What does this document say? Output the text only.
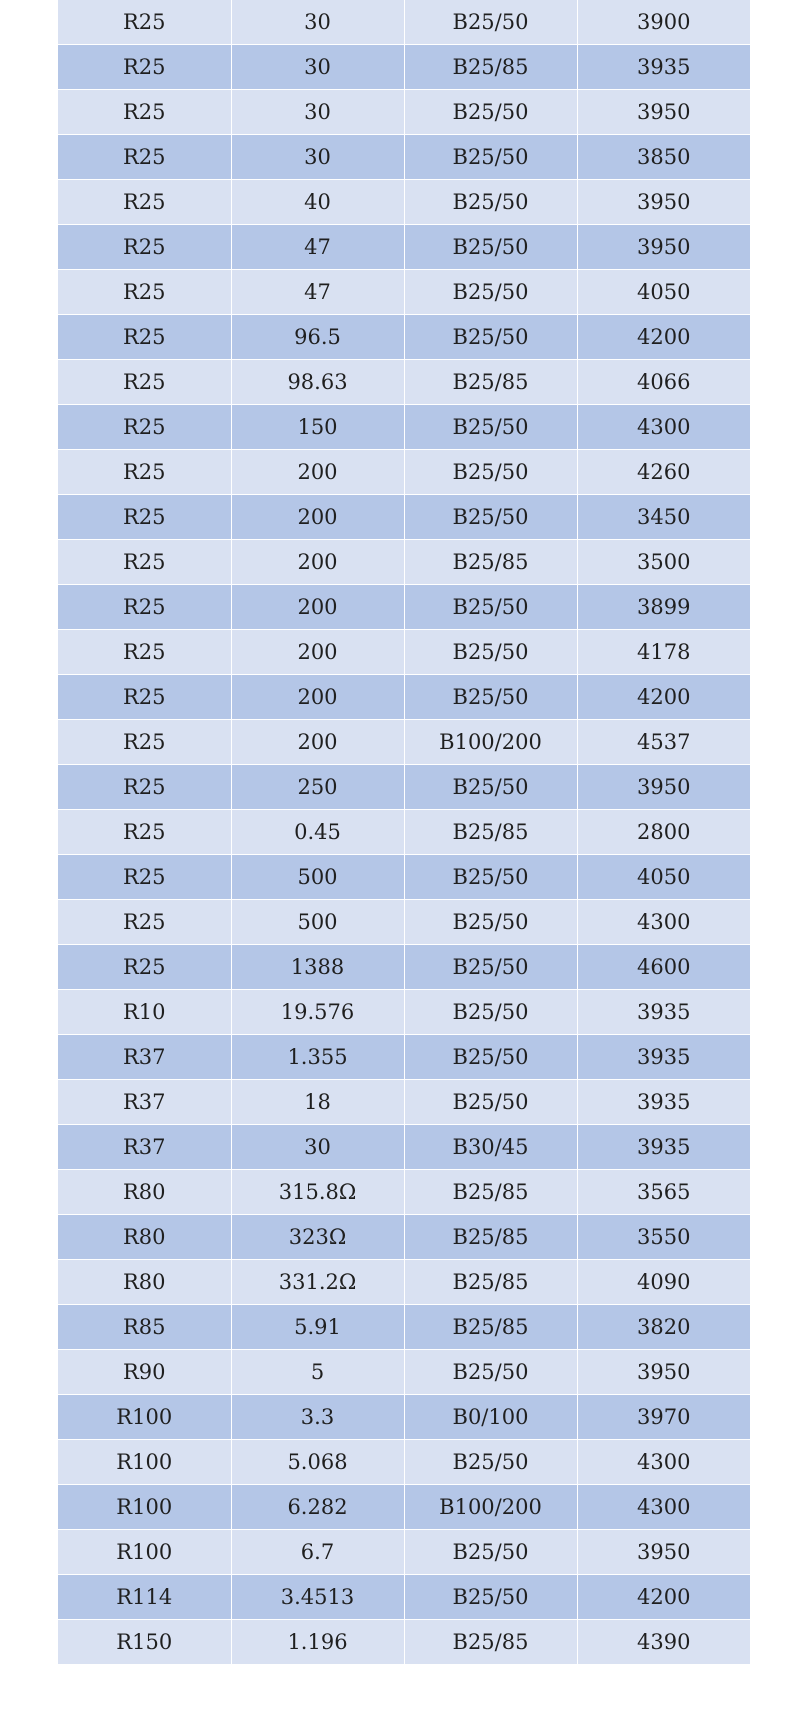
R25	30	B25/50	3900
R25	30	B25/85	3935
R25	30	B25/50	3950
R25	30	B25/50	3850
R25	40	B25/50	3950
R25	47	B25/50	3950
R25	47	B25/50	4050
R25	96.5	B25/50	4200
R25	98.63	B25/85	4066
R25	150	B25/50	4300
R25	200	B25/50	4260
R25	200	B25/50	3450
R25	200	B25/85	3500
R25	200	B25/50	3899
R25	200	B25/50	4178
R25	200	B25/50	4200
R25	200	B100/200	4537
R25	250	B25/50	3950
R25	0.45	B25/85	2800
R25	500	B25/50	4050
R25	500	B25/50	4300
R25	1388	B25/50	4600
R10	19.576	B25/50	3935
R37	1.355	B25/50	3935
R37	18	B25/50	3935
R37	30	B30/45	3935
R80	315.8Ω	B25/85	3565
R80	323Ω	B25/85	3550
R80	331.2Ω	B25/85	4090
R85	5.91	B25/85	3820
R90	5	B25/50	3950
R100	3.3	B0/100	3970
R100	5.068	B25/50	4300
R100	6.282	B100/200	4300
R100	6.7	B25/50	3950
R114	3.4513	B25/50	4200
R150	1.196	B25/85	4390
